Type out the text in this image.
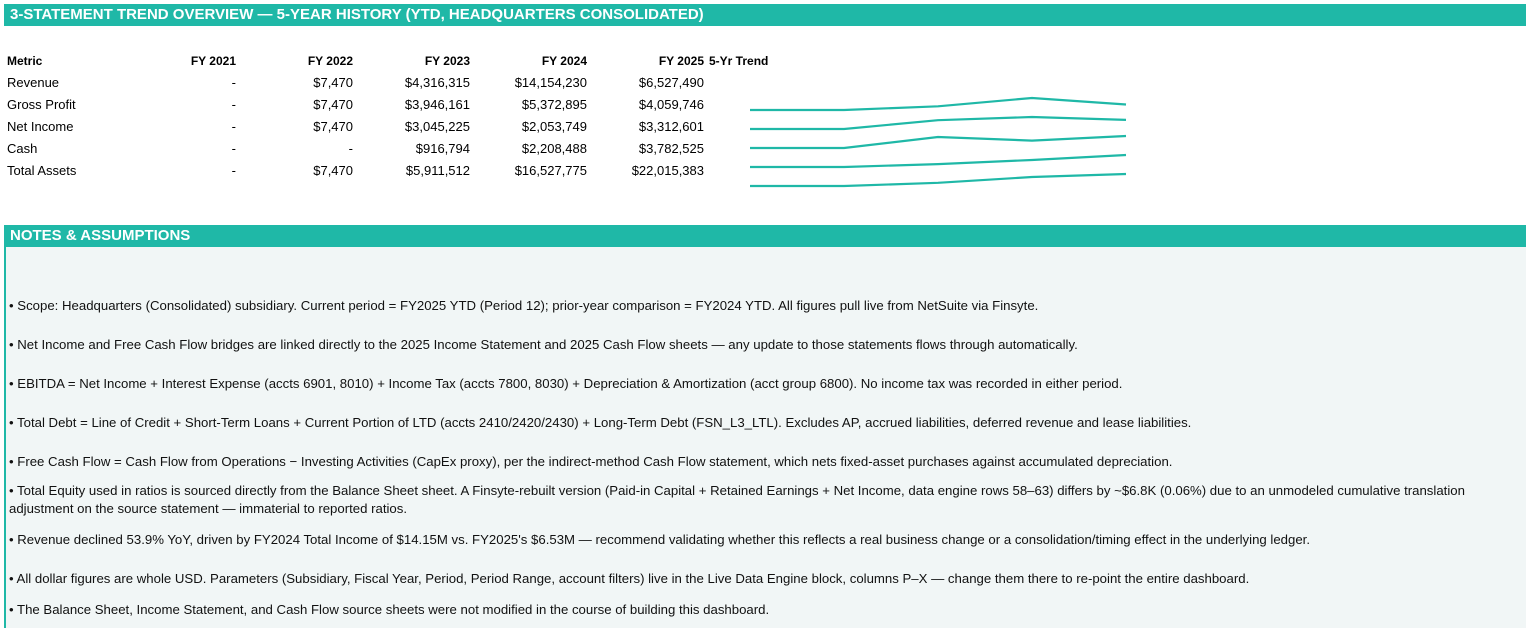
3-STATEMENT TREND OVERVIEW — 5-YEAR HISTORY (YTD, HEADQUARTERS CONSOLIDATED)
Metric	FY 2021	FY 2022	FY 2023	FY 2024	FY 2025 5-Yr Trend
Revenue	-	$7,470	$4,316,315	$14,154,230	$6,527,490
Gross Profit	-	$7,470	$3,946,161	$5,372,895	$4,059,746
Net Income	-	$7,470	$3,045,225	$2,053,749	$3,312,601
Cash	-	-	$916,794	$2,208,488	$3,782,525
Total Assets	-	$7,470	$5,911,512	$16,527,775	$22,015,383
NOTES & ASSUMPTIONS
• Scope: Headquarters (Consolidated) subsidiary. Current period = FY2025 YTD (Period 12); prior-year comparison = FY2024 YTD. All figures pull live from NetSuite via Finsyte.
• Net Income and Free Cash Flow bridges are linked directly to the 2025 Income Statement and 2025 Cash Flow sheets — any update to those statements flows through automatically.
• EBITDA = Net Income + Interest Expense (accts 6901, 8010) + Income Tax (accts 7800, 8030) + Depreciation & Amortization (acct group 6800). No income tax was recorded in either period.
• Total Debt = Line of Credit + Short-Term Loans + Current Portion of LTD (accts 2410/2420/2430) + Long-Term Debt (FSN_L3_LTL). Excludes AP, accrued liabilities, deferred revenue and lease liabilities.
• Free Cash Flow = Cash Flow from Operations − Investing Activities (CapEx proxy), per the indirect-method Cash Flow statement, which nets fixed-asset purchases against accumulated depreciation.
• Total Equity used in ratios is sourced directly from the Balance Sheet sheet. A Finsyte-rebuilt version (Paid-in Capital + Retained Earnings + Net Income, data engine rows 58–63) differs by ~$6.8K (0.06%) due to an unmodeled cumulative translation adjustment on the source statement — immaterial to reported ratios.
• Revenue declined 53.9% YoY, driven by FY2024 Total Income of $14.15M vs. FY2025's $6.53M — recommend validating whether this reflects a real business change or a consolidation/timing effect in the underlying ledger.
• All dollar figures are whole USD. Parameters (Subsidiary, Fiscal Year, Period, Period Range, account filters) live in the Live Data Engine block, columns P–X — change them there to re-point the entire dashboard.
• The Balance Sheet, Income Statement, and Cash Flow source sheets were not modified in the course of building this dashboard.
